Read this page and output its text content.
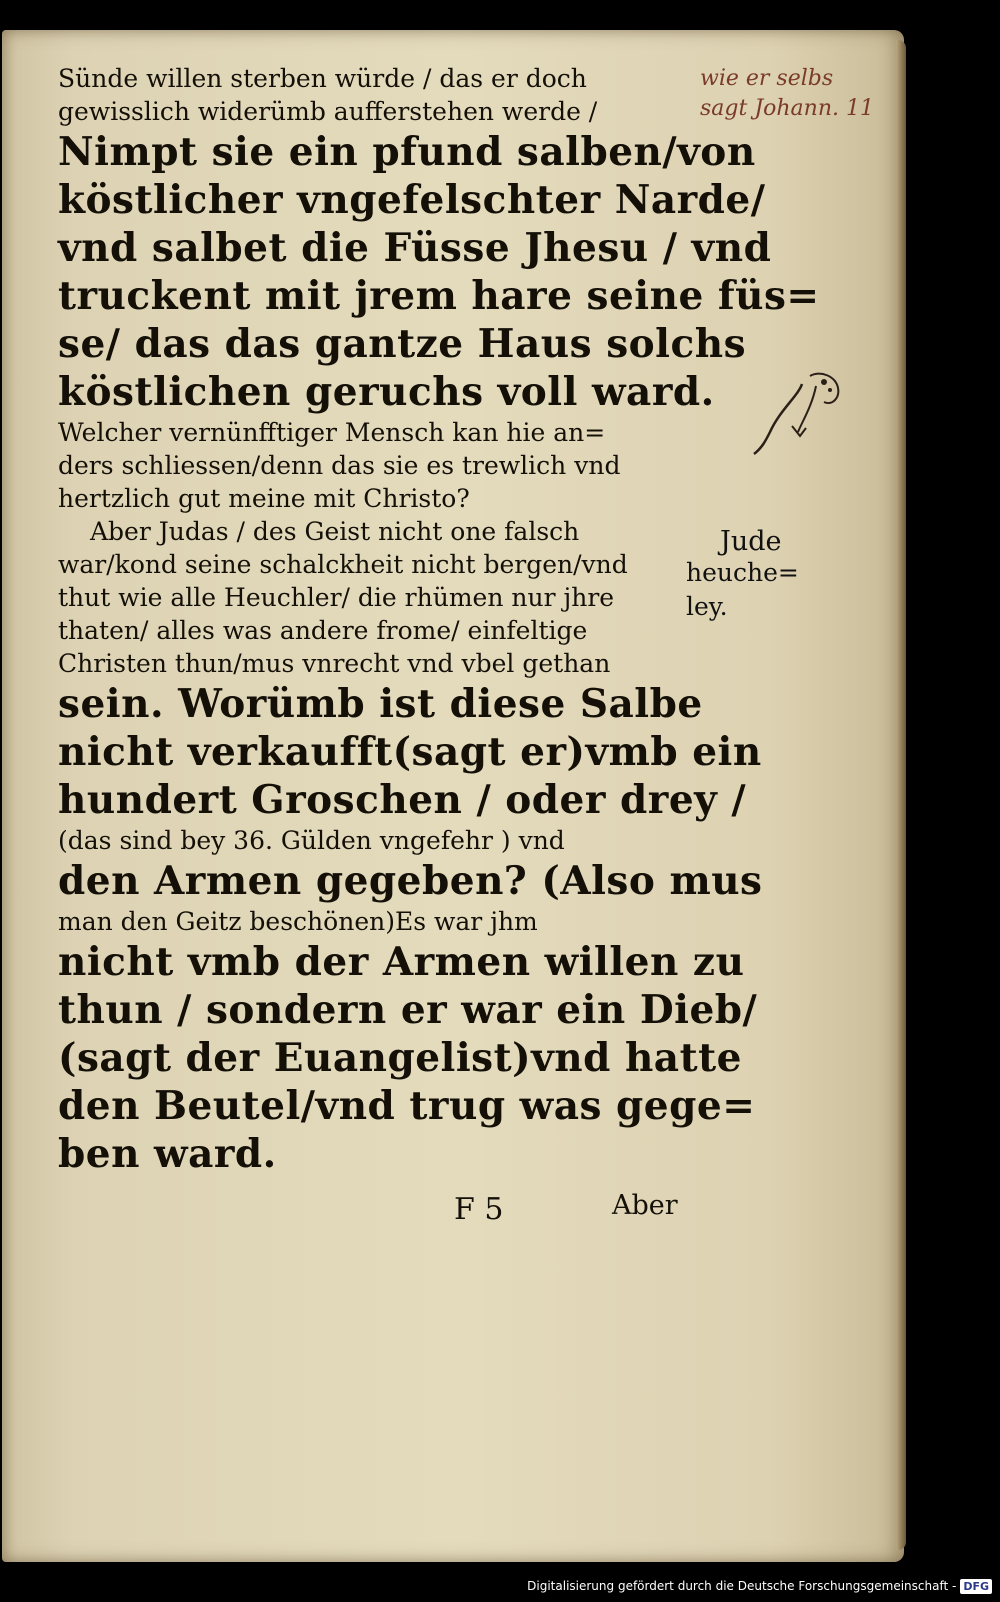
Sünde willen sterben würde / das er doch
gewisslich widerümb aufferstehen werde /
Nimpt sie ein pfund salben/von
köstlicher vngefelschter Narde/
vnd salbet die Füsse Jhesu / vnd
truckent mit jrem hare seine füs=
se/ das das gantze Haus solchs
köstlichen geruchs voll ward.
Welcher vernünfftiger Mensch kan hie an=
ders schliessen/denn das sie es trewlich vnd
hertzlich gut meine mit Christo?
Aber Judas / des Geist nicht one falsch
war/kond seine schalckheit nicht bergen/vnd
thut wie alle Heuchler/ die rhümen nur jhre
thaten/ alles was andere frome/ einfeltige
Christen thun/mus vnrecht vnd vbel gethan
sein. Worümb ist diese Salbe
nicht verkaufft(sagt er)vmb ein
hundert Groschen / oder drey /
(das sind bey 36. Gülden vngefehr ) vnd
den Armen gegeben? (Also mus
man den Geitz beschönen)Es war jhm
nicht vmb der Armen willen zu
thun / sondern er war ein Dieb/
(sagt der Euangelist)vnd hatte
den Beutel/vnd trug was gege=
ben ward.
Jude
heuche=
ley.
wie er selbs
sagt Johann. 11
F 5	Aber
Digitalisierung gefördert durch die Deutsche Forschungsgemeinschaft - DFG
